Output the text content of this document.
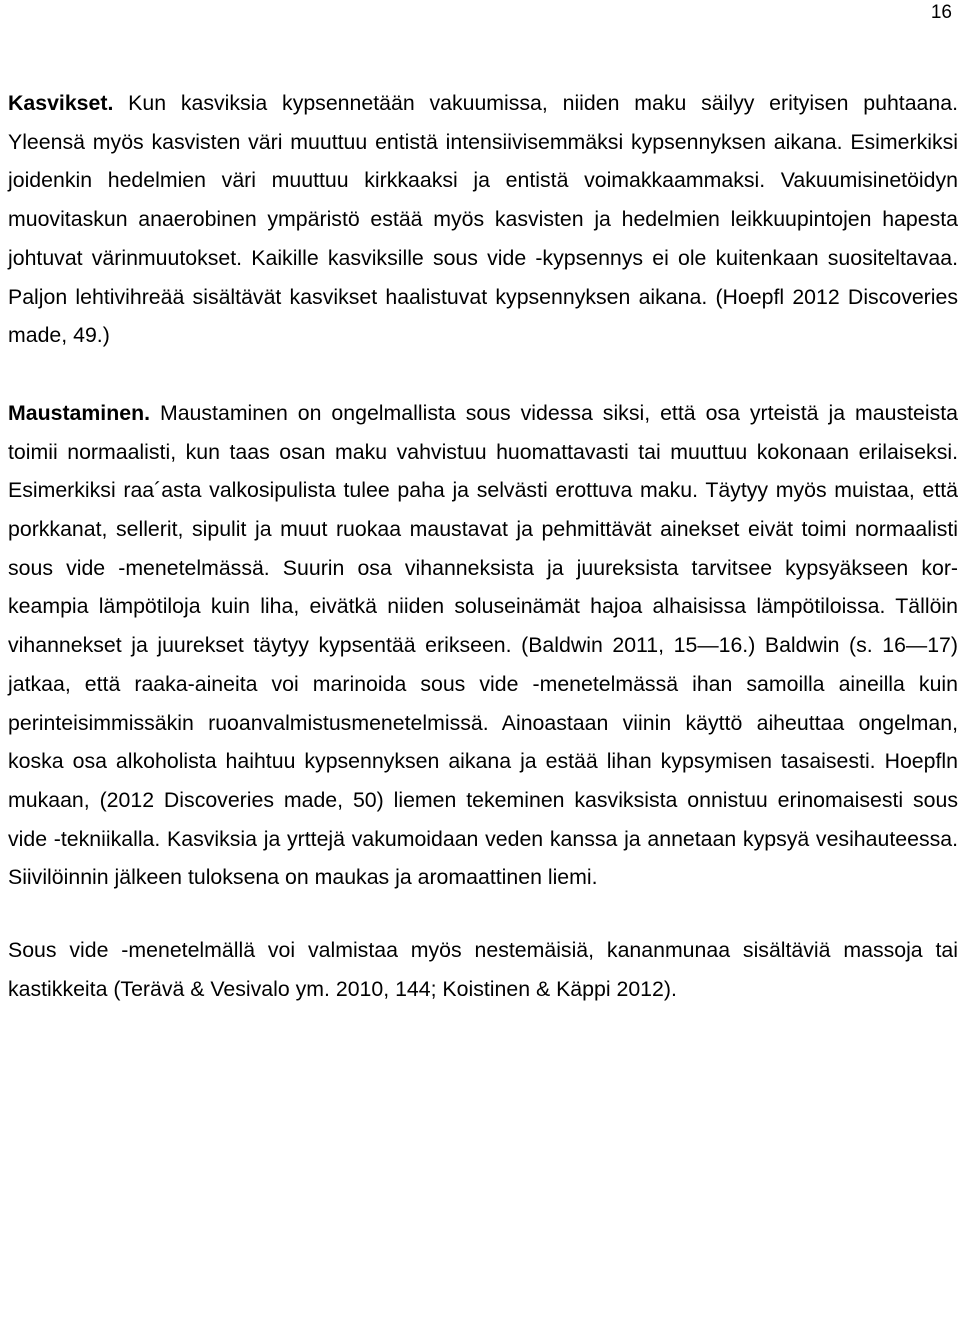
16

Kasvikset. Kun kasviksia kypsennetään vakuumissa, niiden maku säilyy erityisen puhtaana. Yleensä myös kasvisten väri muuttuu entistä intensiivisemmäksi kypsennyksen aikana. Esimerkiksi joidenkin hedelmien väri muuttuu kirkkaaksi ja entistä voimakkaammaksi. Vakuumisinetöidyn muovitaskun anaerobinen ympäristö estää myös kasvisten ja hedelmien leikkuupintojen hapesta johtuvat värinmuutokset. Kaikille kasviksille sous vide -kypsennys ei ole kuitenkaan suositeltavaa. Paljon lehtivihreää sisältävät kasvikset haalistuvat kypsennyksen aikana. (Hoepfl 2012 Discoveries made, 49.)

Maustaminen. Maustaminen on ongelmallista sous videssa siksi, että osa yrteistä ja mausteista toimii normaalisti, kun taas osan maku vahvistuu huomattavasti tai muuttuu kokonaan erilaiseksi. Esimerkiksi raa´asta valkosipulista tulee paha ja selvästi erottuva maku. Täytyy myös muistaa, että porkkanat, sellerit, sipulit ja muut ruokaa maustavat ja pehmittävät ainekset eivät toimi normaalisti sous vide -menetelmässä. Suurin osa vihanneksista ja juureksista tarvitsee kypsyäkseen korkeampia lämpötiloja kuin liha, eivätkä niiden soluseinämät hajoa alhaisissa lämpötiloissa. Tällöin vihannekset ja juurekset täytyy kypsentää erikseen. (Baldwin 2011, 15—16.) Baldwin (s. 16—17) jatkaa, että raaka-aineita voi marinoida sous vide -menetelmässä ihan samoilla aineilla kuin perinteisimmissäkin ruoanvalmistusmenetelmissä. Ainoastaan viinin käyttö aiheuttaa ongelman, koska osa alkoholista haihtuu kypsennyksen aikana ja estää lihan kypsymisen tasaisesti. Hoepfln mukaan, (2012 Discoveries made, 50) liemen tekeminen kasviksista onnistuu erinomaisesti sous vide -tekniikalla. Kasviksia ja yrttejä vakumoidaan veden kanssa ja annetaan kypsyä vesihauteessa. Siivilöinnin jälkeen tuloksena on maukas ja aromaattinen liemi.

Sous vide -menetelmällä voi valmistaa myös nestemäisiä, kananmunaa sisältäviä massoja tai kastikkeita (Terävä & Vesivalo ym. 2010, 144; Koistinen & Käppi 2012).
